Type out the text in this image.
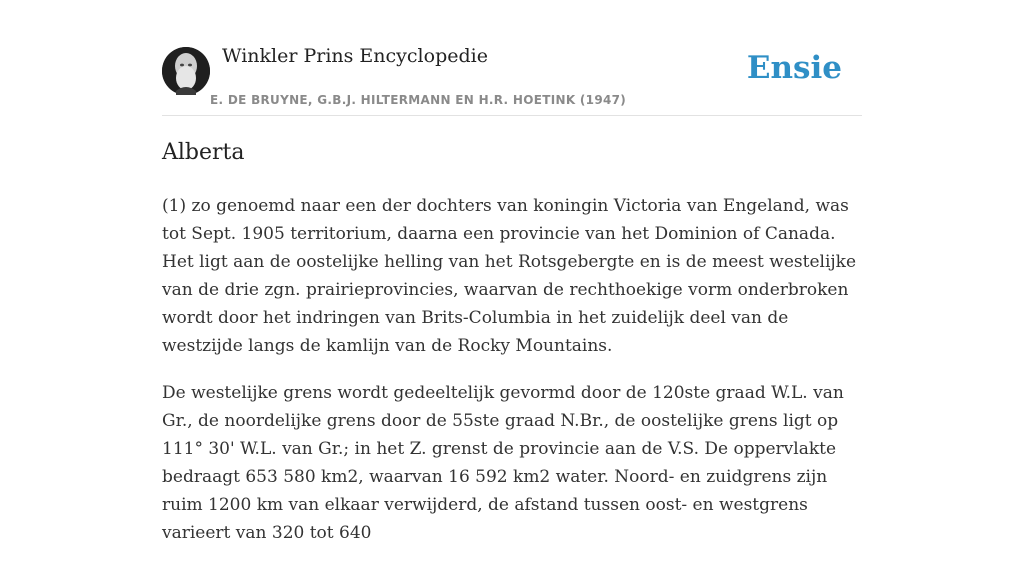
Winkler Prins Encyclopedie
E. DE BRUYNE, G.B.J. HILTERMANN EN H.R. HOETINK (1947)
Ensie
Alberta

(1) zo genoemd naar een der dochters van koningin Victoria van Engeland, was tot Sept. 1905 territorium, daarna een provincie van het Dominion of Canada. Het ligt aan de oostelijke helling van het Rotsgebergte en is de meest westelijke van de drie zgn. prairieprovincies, waarvan de rechthoekige vorm onderbroken wordt door het indringen van Brits-Columbia in het zuidelijk deel van de westzijde langs de kamlijn van de Rocky Mountains.

De westelijke grens wordt gedeeltelijk gevormd door de 120ste graad W.L. van Gr., de noordelijke grens door de 55ste graad N.Br., de oostelijke grens ligt op 111° 30' W.L. van Gr.; in het Z. grenst de provincie aan de V.S. De oppervlakte bedraagt 653 580 km2, waarvan 16 592 km2 water. Noord- en zuidgrens zijn ruim 1200 km van elkaar verwijderd, de afstand tussen oost- en westgrens varieert van 320 tot 640
